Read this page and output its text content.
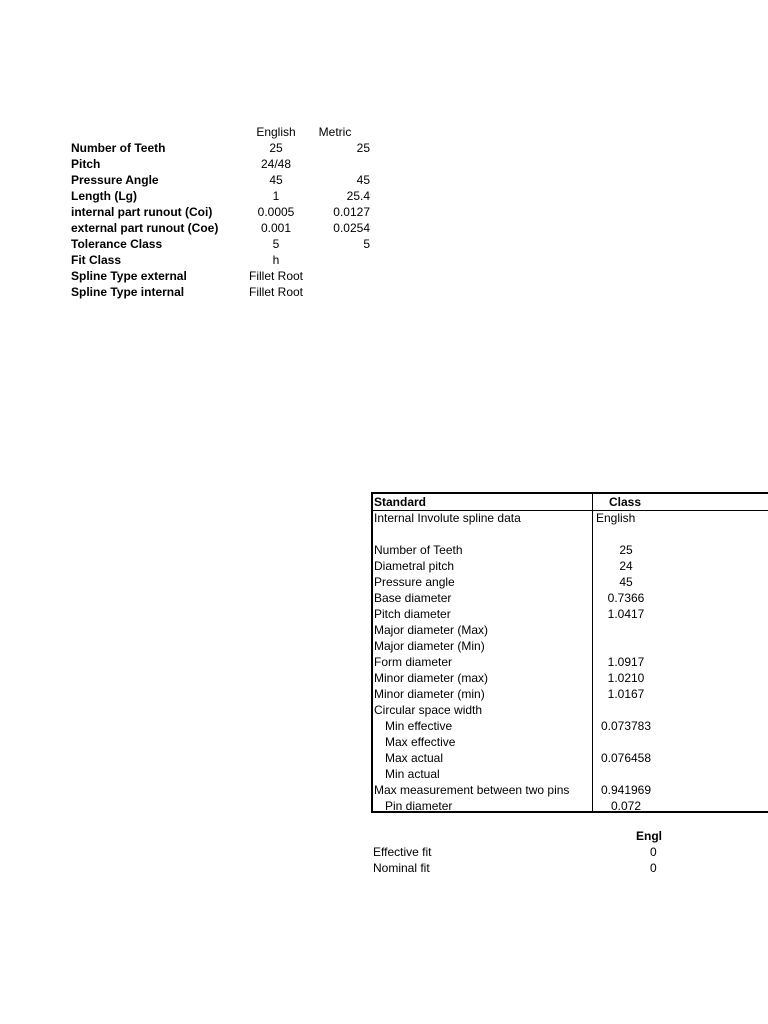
Number of Teeth
Pitch
Pressure Angle
Length (Lg)
internal part runout (Coi)
external part runout (Coe)
Tolerance Class
Fit Class
Spline Type external
Spline Type internal
English
25
24/48
45
1
0.0005
0.001
5
h
Fillet Root
Fillet Root
Metric
25
45
25.4
0.0127
0.0254
5
Standard
Internal Involute spline data
Number of Teeth
Diametral pitch
Pressure angle
Base diameter
Pitch diameter
Major diameter (Max)
Major diameter (Min)
Form diameter
Minor diameter (max)
Minor diameter (min)
Circular space width
Min effective
Max effective
Max actual
Min actual
Max measurement between two pins
Pin diameter
Class
English
25
24
45
0.7366
1.0417
1.0917
1.0210
1.0167
0.073783
0.076458
0.941969
0.072
Engl
Effective fit
Nominal fit
0
0
